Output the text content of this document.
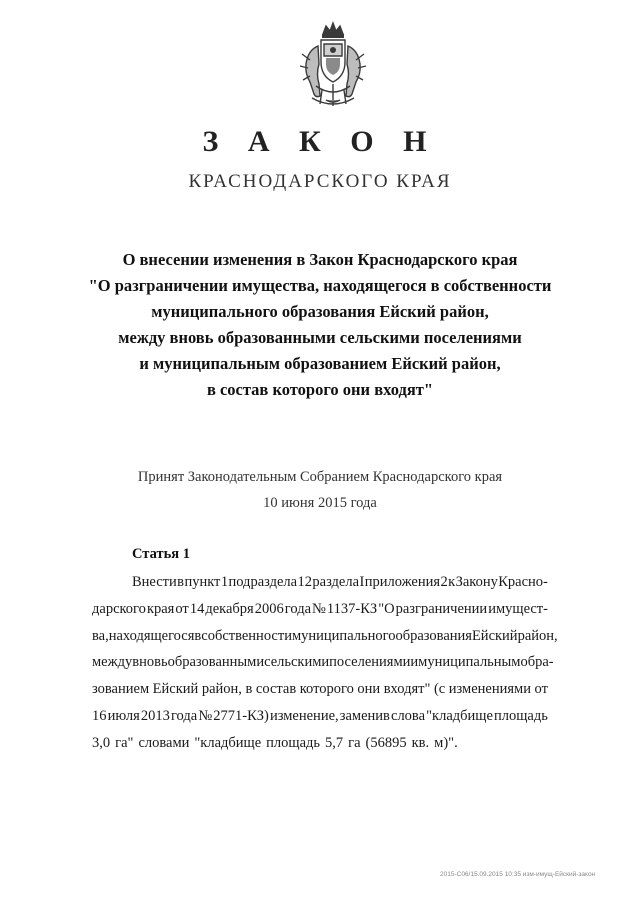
З А К О Н
КРАСНОДАРСКОГО КРАЯ
О внесении изменения в Закон Краснодарского края
"О разграничении имущества, находящегося в собственности
муниципального образования Ейский район,
между вновь образованными сельскими поселениями
и муниципальным образованием Ейский район,
в состав которого они входят"
Принят Законодательным Собранием Краснодарского края
10 июня 2015 года
Статья 1
Внести в пункт 1 подраздела 12 раздела I приложения 2 к Закону Красно-
дарского края от 14 декабря 2006 года № 1137-КЗ "О разграничении имущест-
ва, находящегося в собственности муниципального образования Ейский район,
между вновь образованными сельскими поселениями и муниципальным обра-
зованием Ейский район, в состав которого они входят" (с изменениями от
16 июля 2013 года № 2771-КЗ) изменение, заменив слова "кладбище площадь
3,0 га" словами "кладбище площадь 5,7 га (56895 кв. м)".
2015-С06/15.09.2015 10:35 изм-имущ-Ейский-закон
